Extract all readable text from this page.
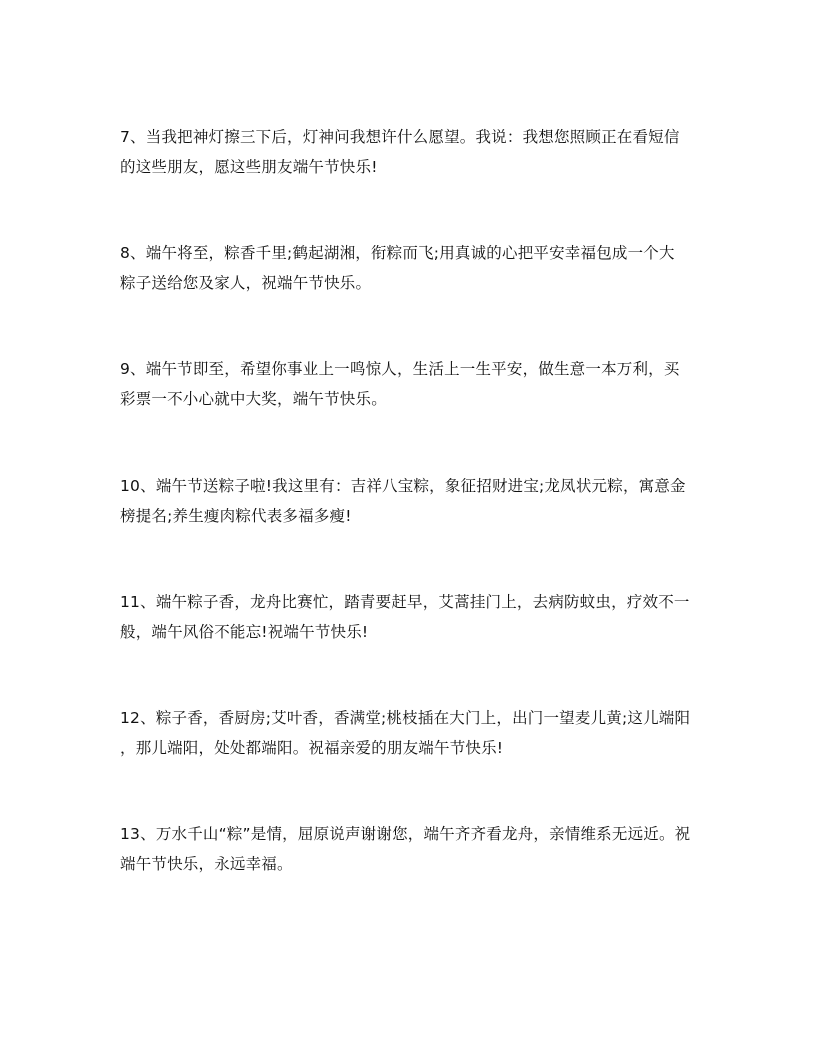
7、当我把神灯擦三下后，灯神问我想许什么愿望。我说：我想您照顾正在看短信
的这些朋友，愿这些朋友端午节快乐!

8、端午将至，粽香千里;鹤起湖湘，衔粽而飞;用真诚的心把平安幸福包成一个大
粽子送给您及家人，祝端午节快乐。

9、端午节即至，希望你事业上一鸣惊人，生活上一生平安，做生意一本万利，买
彩票一不小心就中大奖，端午节快乐。

10、端午节送粽子啦!我这里有：吉祥八宝粽，象征招财进宝;龙凤状元粽，寓意金
榜提名;养生瘦肉粽代表多福多瘦!

11、端午粽子香，龙舟比赛忙，踏青要赶早，艾蒿挂门上，去病防蚊虫，疗效不一
般，端午风俗不能忘!祝端午节快乐!

12、粽子香，香厨房;艾叶香，香满堂;桃枝插在大门上，出门一望麦儿黄;这儿端阳
，那儿端阳，处处都端阳。祝福亲爱的朋友端午节快乐!

13、万水千山“粽”是情，屈原说声谢谢您，端午齐齐看龙舟，亲情维系无远近。祝
端午节快乐，永远幸福。
